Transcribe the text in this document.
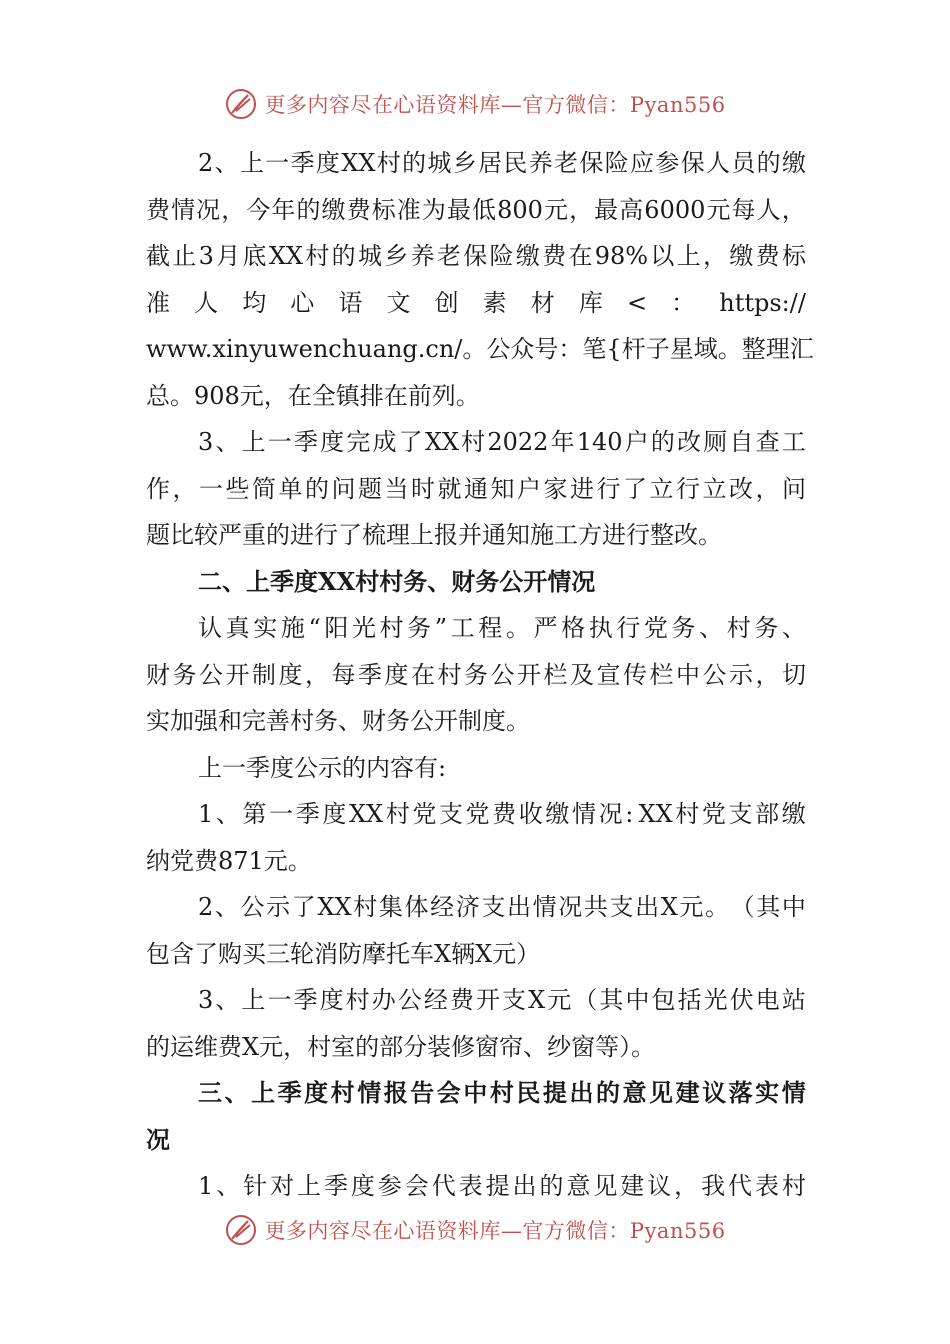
更多内容尽在心语资料库—官方微信：Pyan556
2 、 上 一 季 度 XX 村 的 城 乡 居 民 养 老 保 险 应 参 保 人 员 的 缴
费 情 况 ， 今 年 的 缴 费 标 准 为 最 低 800 元 ， 最 高 6000 元 每 人 ，
截 止 3 月 底 XX 村 的 城 乡 养 老 保 险 缴 费 在 98% 以 上 ， 缴 费 标
准 人 均 心 语 文 创 素 材 库 < ： https://
www.xinyuwenchuang.cn/ 。 公 众 号 ： 笔 { 杆 子 星 域 。 整 理 汇
总。908元，在全镇排在前列。
3 、 上 一 季 度 完 成 了 XX 村 2022 年 140 户 的 改 厕 自 查 工
作 ， 一 些 简 单 的 问 题 当 时 就 通 知 户 家 进 行 了 立 行 立 改 ， 问
题比较严重的进行了梳理上报并通知施工方进行整改。
二、上季度XX村村务、财务公开情况
认 真 实 施 “ 阳 光 村 务 ” 工 程 。 严 格 执 行 党 务 、 村 务 、
财 务 公 开 制 度 ， 每 季 度 在 村 务 公 开 栏 及 宣 传 栏 中 公 示 ， 切
实加强和完善村务、财务公开制度。
上一季度公示的内容有:
1 、 第 一 季 度 XX 村 党 支 党 费 收 缴 情 况 : XX 村 党 支 部 缴
纳党费871元。
2 、 公 示 了 XX 村 集 体 经 济 支 出 情 况 共 支 出 X 元 。 （ 其 中
包含了购买三轮消防摩托车X辆X元）
3 、 上 一 季 度 村 办 公 经 费 开 支 X 元 （ 其 中 包 括 光 伏 电 站
的运维费X元，村室的部分装修窗帘、纱窗等）。
三 、 上 季 度 村 情 报 告 会 中 村 民 提 出 的 意 见 建 议 落 实 情
况
1 、 针 对 上 季 度 参 会 代 表 提 出 的 意 见 建 议 ， 我 代 表 村
更多内容尽在心语资料库—官方微信：Pyan556
